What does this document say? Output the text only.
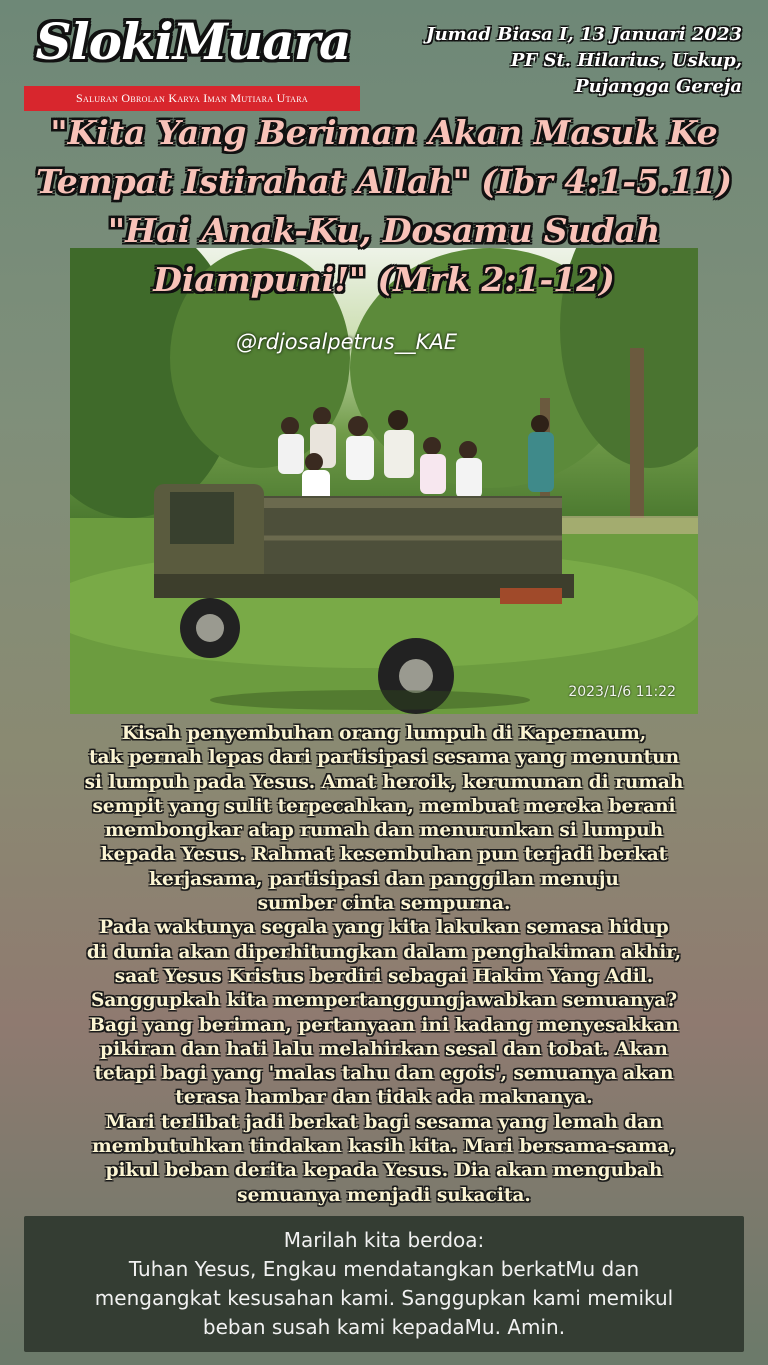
SlokiMuara
Saluran Obrolan Karya Iman Mutiara Utara
Jumad Biasa I, 13 Januari 2023
PF St. Hilarius, Uskup,
Pujangga Gereja
@rdjosalpetrus__KAE
2023/1/6 11:22
"Kita Yang Beriman Akan Masuk Ke
Tempat Istirahat Allah" (Ibr 4:1-5.11)
"Hai Anak-Ku, Dosamu Sudah
Diampuni!" (Mrk 2:1-12)
Kisah penyembuhan orang lumpuh di Kapernaum,
tak pernah lepas dari partisipasi sesama yang menuntun
si lumpuh pada Yesus. Amat heroik, kerumunan di rumah
sempit yang sulit terpecahkan, membuat mereka berani
membongkar atap rumah dan menurunkan si lumpuh
kepada Yesus. Rahmat kesembuhan pun terjadi berkat
kerjasama, partisipasi dan panggilan menuju
sumber cinta sempurna.
Pada waktunya segala yang kita lakukan semasa hidup
di dunia akan diperhitungkan dalam penghakiman akhir,
saat Yesus Kristus berdiri sebagai Hakim Yang Adil.
Sanggupkah kita mempertanggungjawabkan semuanya?
Bagi yang beriman, pertanyaan ini kadang menyesakkan
pikiran dan hati lalu melahirkan sesal dan tobat. Akan
tetapi bagi yang 'malas tahu dan egois', semuanya akan
terasa hambar dan tidak ada maknanya.
Mari terlibat jadi berkat bagi sesama yang lemah dan
membutuhkan tindakan kasih kita. Mari bersama-sama,
pikul beban derita kepada Yesus. Dia akan mengubah
semuanya menjadi sukacita.
Marilah kita berdoa:
Tuhan Yesus, Engkau mendatangkan berkatMu dan
mengangkat kesusahan kami. Sanggupkan kami memikul
beban susah kami kepadaMu. Amin.
